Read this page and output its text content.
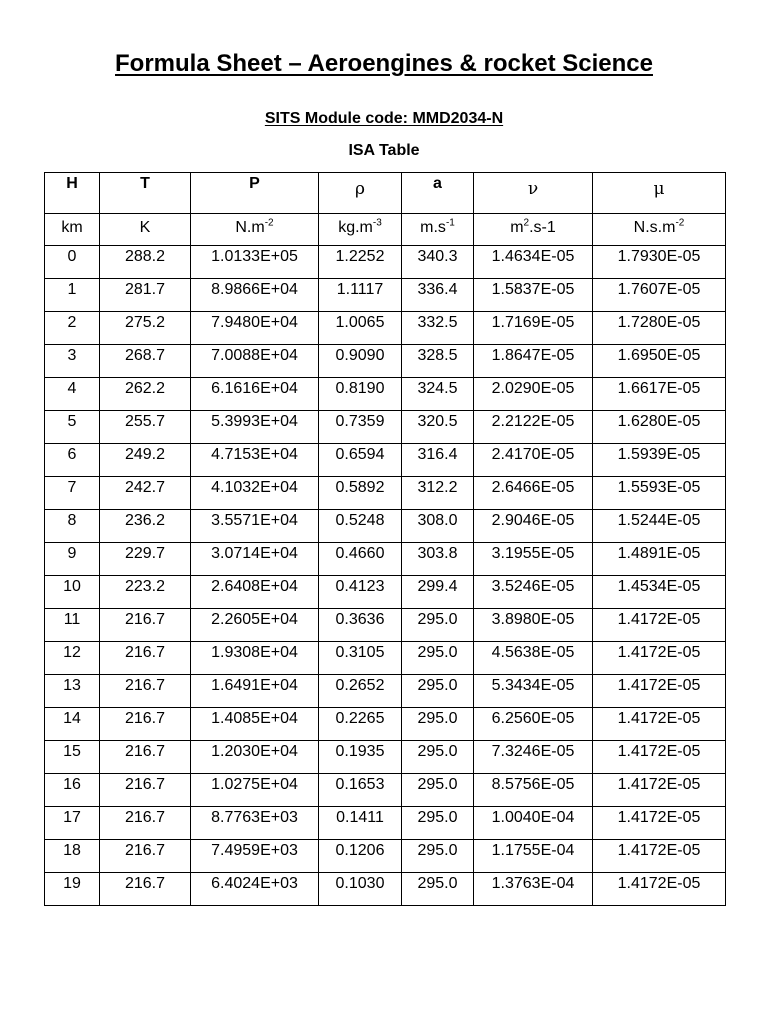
Formula Sheet – Aeroengines & rocket Science
SITS Module code: MMD2034-N
ISA Table
H	T	P	ρ	a	ν	μ
km	K	$N.m^{-2}$	$kg.m^{-3}$	$m.s^{-1}$	$m^2.s-1$	$N.s.m^{-2}$
0	288.2	1.0133E+05	1.2252	340.3	1.4634E-05	1.7930E-05
1	281.7	8.9866E+04	1.1117	336.4	1.5837E-05	1.7607E-05
2	275.2	7.9480E+04	1.0065	332.5	1.7169E-05	1.7280E-05
3	268.7	7.0088E+04	0.9090	328.5	1.8647E-05	1.6950E-05
4	262.2	6.1616E+04	0.8190	324.5	2.0290E-05	1.6617E-05
5	255.7	5.3993E+04	0.7359	320.5	2.2122E-05	1.6280E-05
6	249.2	4.7153E+04	0.6594	316.4	2.4170E-05	1.5939E-05
7	242.7	4.1032E+04	0.5892	312.2	2.6466E-05	1.5593E-05
8	236.2	3.5571E+04	0.5248	308.0	2.9046E-05	1.5244E-05
9	229.7	3.0714E+04	0.4660	303.8	3.1955E-05	1.4891E-05
10	223.2	2.6408E+04	0.4123	299.4	3.5246E-05	1.4534E-05
11	216.7	2.2605E+04	0.3636	295.0	3.8980E-05	1.4172E-05
12	216.7	1.9308E+04	0.3105	295.0	4.5638E-05	1.4172E-05
13	216.7	1.6491E+04	0.2652	295.0	5.3434E-05	1.4172E-05
14	216.7	1.4085E+04	0.2265	295.0	6.2560E-05	1.4172E-05
15	216.7	1.2030E+04	0.1935	295.0	7.3246E-05	1.4172E-05
16	216.7	1.0275E+04	0.1653	295.0	8.5756E-05	1.4172E-05
17	216.7	8.7763E+03	0.1411	295.0	1.0040E-04	1.4172E-05
18	216.7	7.4959E+03	0.1206	295.0	1.1755E-04	1.4172E-05
19	216.7	6.4024E+03	0.1030	295.0	1.3763E-04	1.4172E-05
